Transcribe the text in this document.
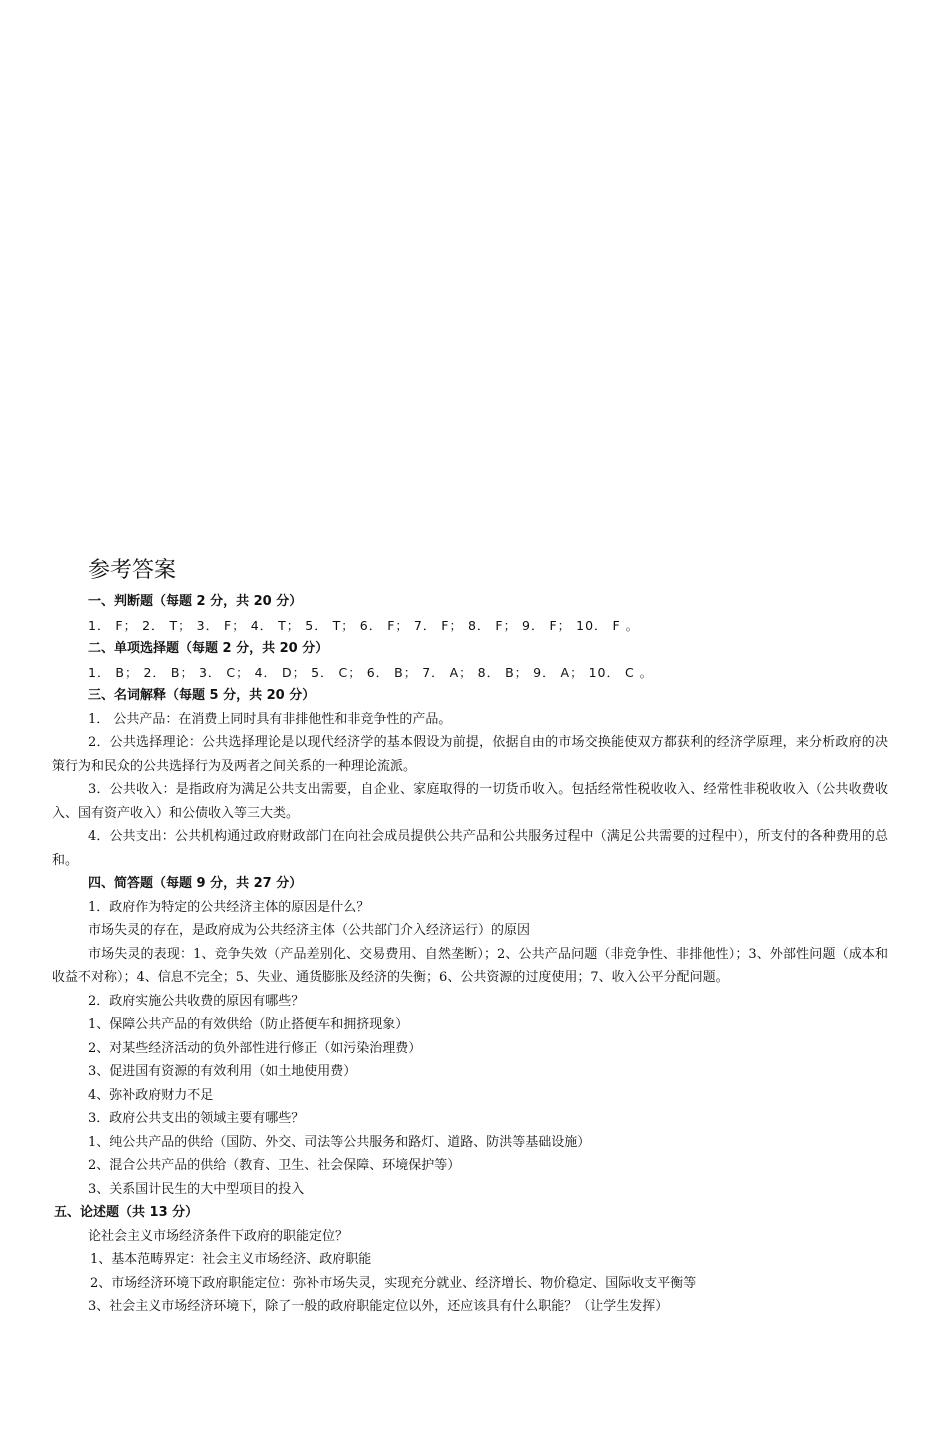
参考答案

一、判断题（每题 2 分，共 20 分）

1． F； 2． T； 3． F； 4． T； 5． T； 6． F； 7． F； 8． F； 9． F； 10． F 。

二、单项选择题（每题 2 分，共 20 分）

1． B； 2． B； 3． C； 4． D； 5． C； 6． B； 7． A； 8． B； 9． A； 10． C 。

三、名词解释（每题 5 分，共 20 分）

1． 公共产品：在消费上同时具有非排他性和非竞争性的产品。

2．公共选择理论：公共选择理论是以现代经济学的基本假设为前提，依据自由的市场交换能使双方都获利的经济学原理，来分析政府的决策行为和民众的公共选择行为及两者之间关系的一种理论流派。

3．公共收入：是指政府为满足公共支出需要，自企业、家庭取得的一切货币收入。包括经常性税收收入、经常性非税收收入（公共收费收入、国有资产收入）和公债收入等三大类。

4．公共支出：公共机构通过政府财政部门在向社会成员提供公共产品和公共服务过程中（满足公共需要的过程中），所支付的各种费用的总和。

四、简答题（每题 9 分，共 27 分）

1．政府作为特定的公共经济主体的原因是什么？

市场失灵的存在，是政府成为公共经济主体（公共部门介入经济运行）的原因

市场失灵的表现：1、竞争失效（产品差别化、交易费用、自然垄断）；2、公共产品问题（非竞争性、非排他性）；3、外部性问题（成本和收益不对称）；4、信息不完全；5、失业、通货膨胀及经济的失衡；6、公共资源的过度使用；7、收入公平分配问题。

2．政府实施公共收费的原因有哪些？

1、保障公共产品的有效供给（防止搭便车和拥挤现象）

2、对某些经济活动的负外部性进行修正（如污染治理费）

3、促进国有资源的有效利用（如土地使用费）

4、弥补政府财力不足

3．政府公共支出的领域主要有哪些？

1、纯公共产品的供给（国防、外交、司法等公共服务和路灯、道路、防洪等基础设施）

2、混合公共产品的供给（教育、卫生、社会保障、环境保护等）

3、关系国计民生的大中型项目的投入

五、论述题（共 13 分）

论社会主义市场经济条件下政府的职能定位？

1、基本范畴界定：社会主义市场经济、政府职能

2、市场经济环境下政府职能定位：弥补市场失灵，实现充分就业、经济增长、物价稳定、国际收支平衡等

3、社会主义市场经济环境下，除了一般的政府职能定位以外，还应该具有什么职能？（让学生发挥）
